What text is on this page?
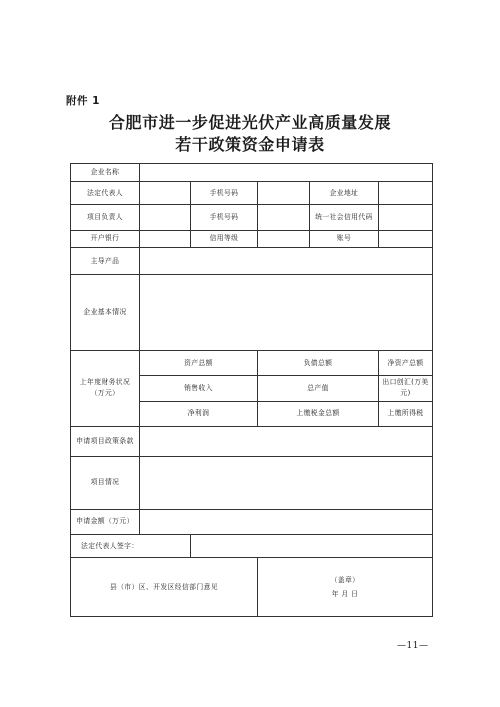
附件 1
合肥市进一步促进光伏产业高质量发展
若干政策资金申请表
企业名称					
法定代表人		手机号码		企业地址	
项目负责人		手机号码		统一社会信用代码	
开户银行		信用等级		账号	
主导产品					
企业基本情况					
上年度财务状况（万元）	资产总额		负债总额		净资产总额
	销售收入		总产值		出口创汇(万美元)
	净利润		上缴税金总额		上缴所得税
申请项目政策条款					
项目情况					
申请金额（万元）					
法定代表人签字：					
县（市）区、开发区经信部门意见			（盖章）
年 月 日		
—11—
